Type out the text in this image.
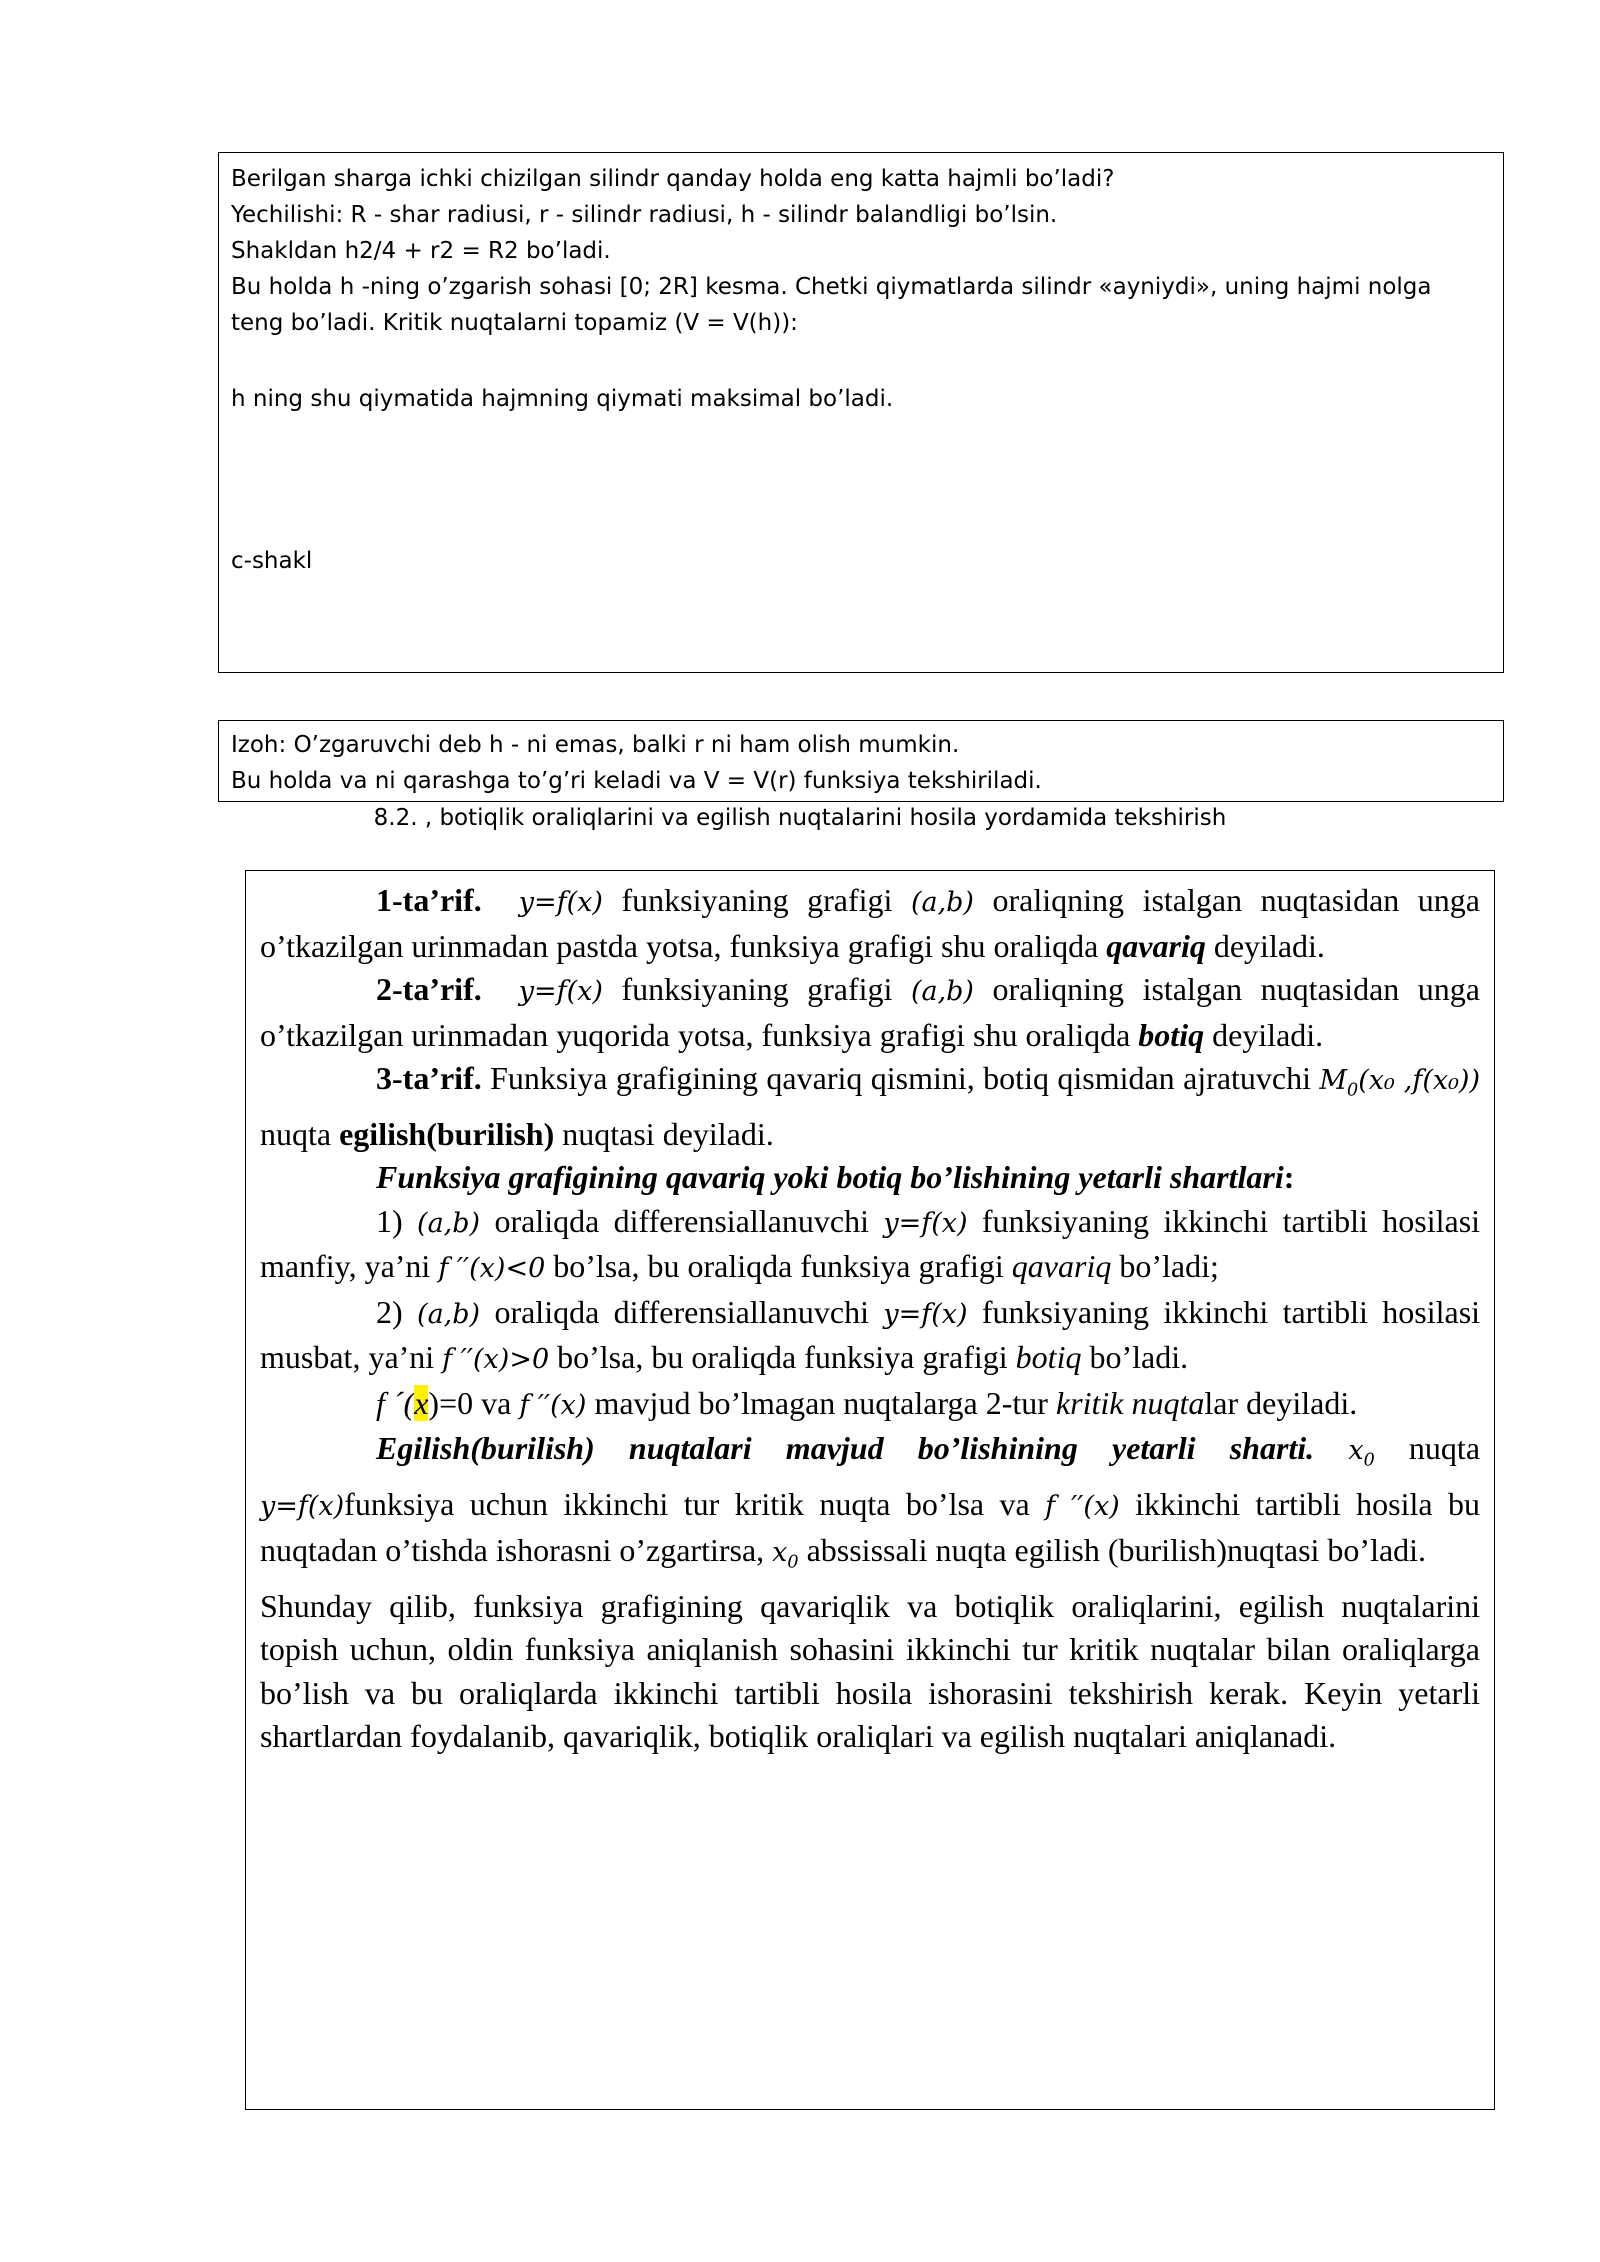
Berilgan sharga ichki chizilgan silindr qanday holda eng katta hajmli bo’ladi?

Yechilishi: R - shar radiusi, r - silindr radiusi, h - silindr balandligi bo’lsin.

Shakldan h2/4 + r2 = R2 bo’ladi.

Bu holda h -ning o’zgarish sohasi [0; 2R] kesma. Chetki qiymatlarda silindr «ayniydi», uning hajmi nolga teng bo’ladi. Kritik nuqtalarni topamiz (V = V(h)):

h ning shu qiymatida hajmning qiymati maksimal bo’ladi.

c-shakl

Izoh: O’zgaruvchi deb h - ni emas, balki r ni ham olish mumkin.

Bu holda va ni qarashga to’g’ri keladi va V = V(r) funksiya tekshiriladi.

8.2. , botiqlik oraliqlarini va egilish nuqtalarini hosila yordamida tekshirish

1-ta’rif. y=f(x) funksiyaning grafigi (a,b) oraliqning istalgan nuqtasidan unga o’tkazilgan urinmadan pastda yotsa, funksiya grafigi shu oraliqda qavariq deyiladi.

2-ta’rif. y=f(x) funksiyaning grafigi (a,b) oraliqning istalgan nuqtasidan unga o’tkazilgan urinmadan yuqorida yotsa, funksiya grafigi shu oraliqda botiq deyiladi.

3-ta’rif. Funksiya grafigining qavariq qismini, botiq qismidan ajratuvchi $M_0(x_0$ ,f(x₀)) nuqta egilish(burilish) nuqtasi deyiladi.

Funksiya grafigining qavariq yoki botiq bo’lishining yetarli shartlari:

1) (a,b) oraliqda differensiallanuvchi y=f(x) funksiyaning ikkinchi tartibli hosilasi manfiy, ya’ni f ′′(x)<0 bo’lsa, bu oraliqda funksiya grafigi qavariq bo’ladi;

2) (a,b) oraliqda differensiallanuvchi y=f(x) funksiyaning ikkinchi tartibli hosilasi musbat, ya’ni f ′′(x)>0 bo’lsa, bu oraliqda funksiya grafigi botiq bo’ladi.

f ´(x)=0 va f ′′(x) mavjud bo’lmagan nuqtalarga 2-tur kritik nuqtalar deyiladi.

Egilish(burilish) nuqtalari mavjud bo’lishining yetarli sharti. $x_0$ nuqta y=f(x)funksiya uchun ikkinchi tur kritik nuqta bo’lsa va f ′′(x) ikkinchi tartibli hosila bu nuqtadan o’tishda ishorasni o’zgartirsa, $x_0$ abssissali nuqta egilish (burilish)nuqtasi bo’ladi.

Shunday qilib, funksiya grafigining qavariqlik va botiqlik oraliqlarini, egilish nuqtalarini topish uchun, oldin funksiya aniqlanish sohasini ikkinchi tur kritik nuqtalar bilan oraliqlarga bo’lish va bu oraliqlarda ikkinchi tartibli hosila ishorasini tekshirish kerak. Keyin yetarli shartlardan foydalanib, qavariqlik, botiqlik oraliqlari va egilish nuqtalari aniqlanadi.
